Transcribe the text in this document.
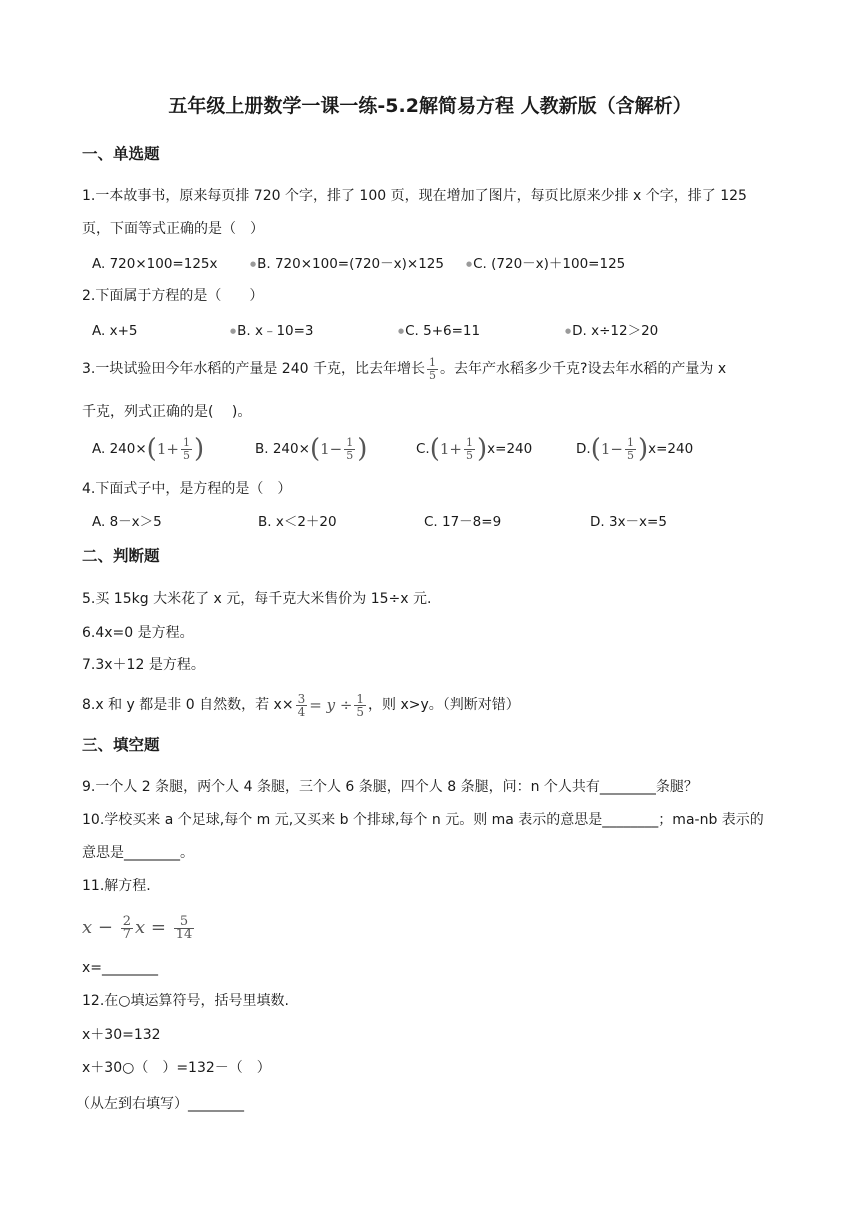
五年级上册数学一课一练-5.2解简易方程 人教新版（含解析）
一、单选题
1.一本故事书，原来每页排 720 个字，排了 100 页，现在增加了图片，每页比原来少排 x 个字，排了 125
页，下面等式正确的是（　）
A. 720×100=125x	●B. 720×100=(720－x)×125	●C. (720－x)＋100=125
2.下面属于方程的是（　　）
A. x+5	●B. x﹣10=3	●C. 5+6=11	●D. x÷12＞20
3.一块试验田今年水稻的产量是 240 千克，比去年增长 $\frac{1}{5}$ 。去年产水稻多少千克?设去年水稻的产量为 x
千克，列式正确的是(　 )。
A. $240\times(1+ \frac{1}{5}$ )	B. $240\times(1- \frac{1}{5}$ )	$C.(1+ \frac{1}{5} )x=240$	$D.(1- \frac{1}{5} )x=240$
4.下面式子中，是方程的是（　）
A. 8－x＞5	B. x＜2＋20	C. 17－8=9	D. 3x－x=5
二、判断题
5.买 15kg 大米花了 x 元，每千克大米售价为 15÷x 元.
6.4x=0 是方程。
7.3x＋12 是方程。
8.x 和 y 都是非 0 自然数，若 $x\times \frac{3}{4} = y \div \frac{1}{5}$ ，则 x>y。（判断对错）
三、填空题
9.一个人 2 条腿，两个人 4 条腿，三个人 6 条腿，四个人 8 条腿，问：n 个人共有________条腿？
10.学校买来 a 个足球,每个 m 元,又买来 b 个排球,每个 n 元。则 ma 表示的意思是________；ma-nb 表示的
意思是________。
11.解方程.
$x - \frac{2}{7}$ $x = \frac{5}{14}$
x=________
12.在○填运算符号，括号里填数.
x＋30=132
x＋30○（　）=132－（　）
（从左到右填写）________
